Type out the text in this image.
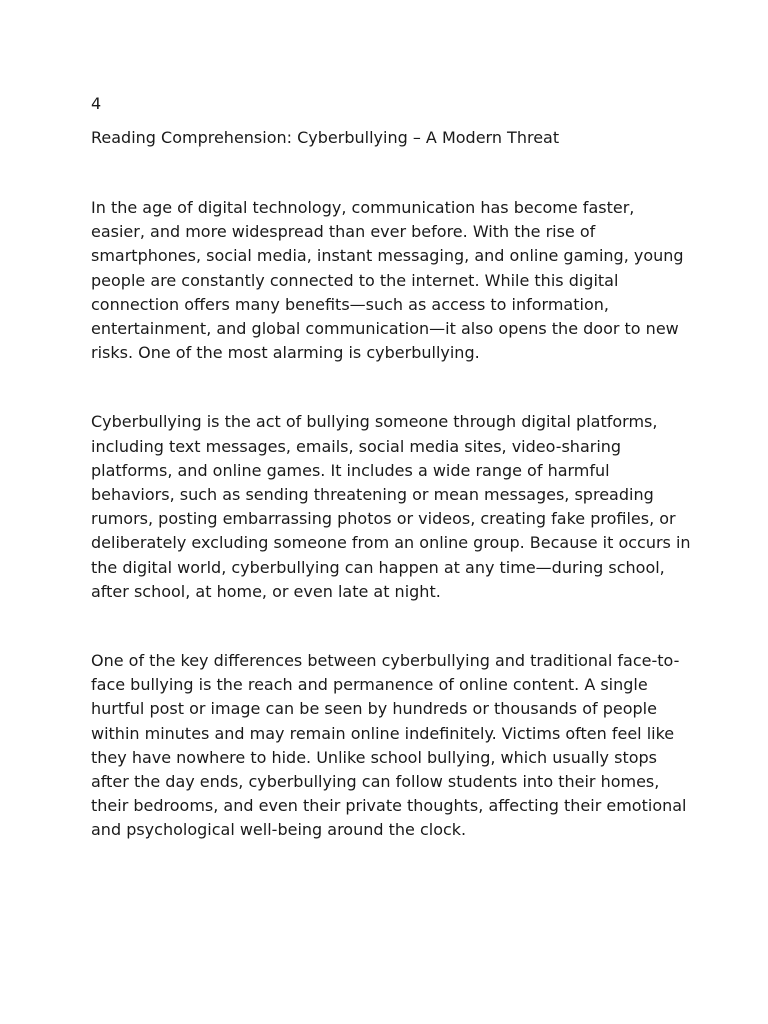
4

Reading Comprehension: Cyberbullying – A Modern Threat

In the age of digital technology, communication has become faster, easier, and more widespread than ever before. With the rise of smartphones, social media, instant messaging, and online gaming, young people are constantly connected to the internet. While this digital connection offers many benefits—such as access to information, entertainment, and global communication—it also opens the door to new risks. One of the most alarming is cyberbullying.

Cyberbullying is the act of bullying someone through digital platforms, including text messages, emails, social media sites, video-sharing platforms, and online games. It includes a wide range of harmful behaviors, such as sending threatening or mean messages, spreading rumors, posting embarrassing photos or videos, creating fake profiles, or deliberately excluding someone from an online group. Because it occurs in the digital world, cyberbullying can happen at any time—during school, after school, at home, or even late at night.

One of the key differences between cyberbullying and traditional face-to-face bullying is the reach and permanence of online content. A single hurtful post or image can be seen by hundreds or thousands of people within minutes and may remain online indefinitely. Victims often feel like they have nowhere to hide. Unlike school bullying, which usually stops after the day ends, cyberbullying can follow students into their homes, their bedrooms, and even their private thoughts, affecting their emotional and psychological well-being around the clock.
